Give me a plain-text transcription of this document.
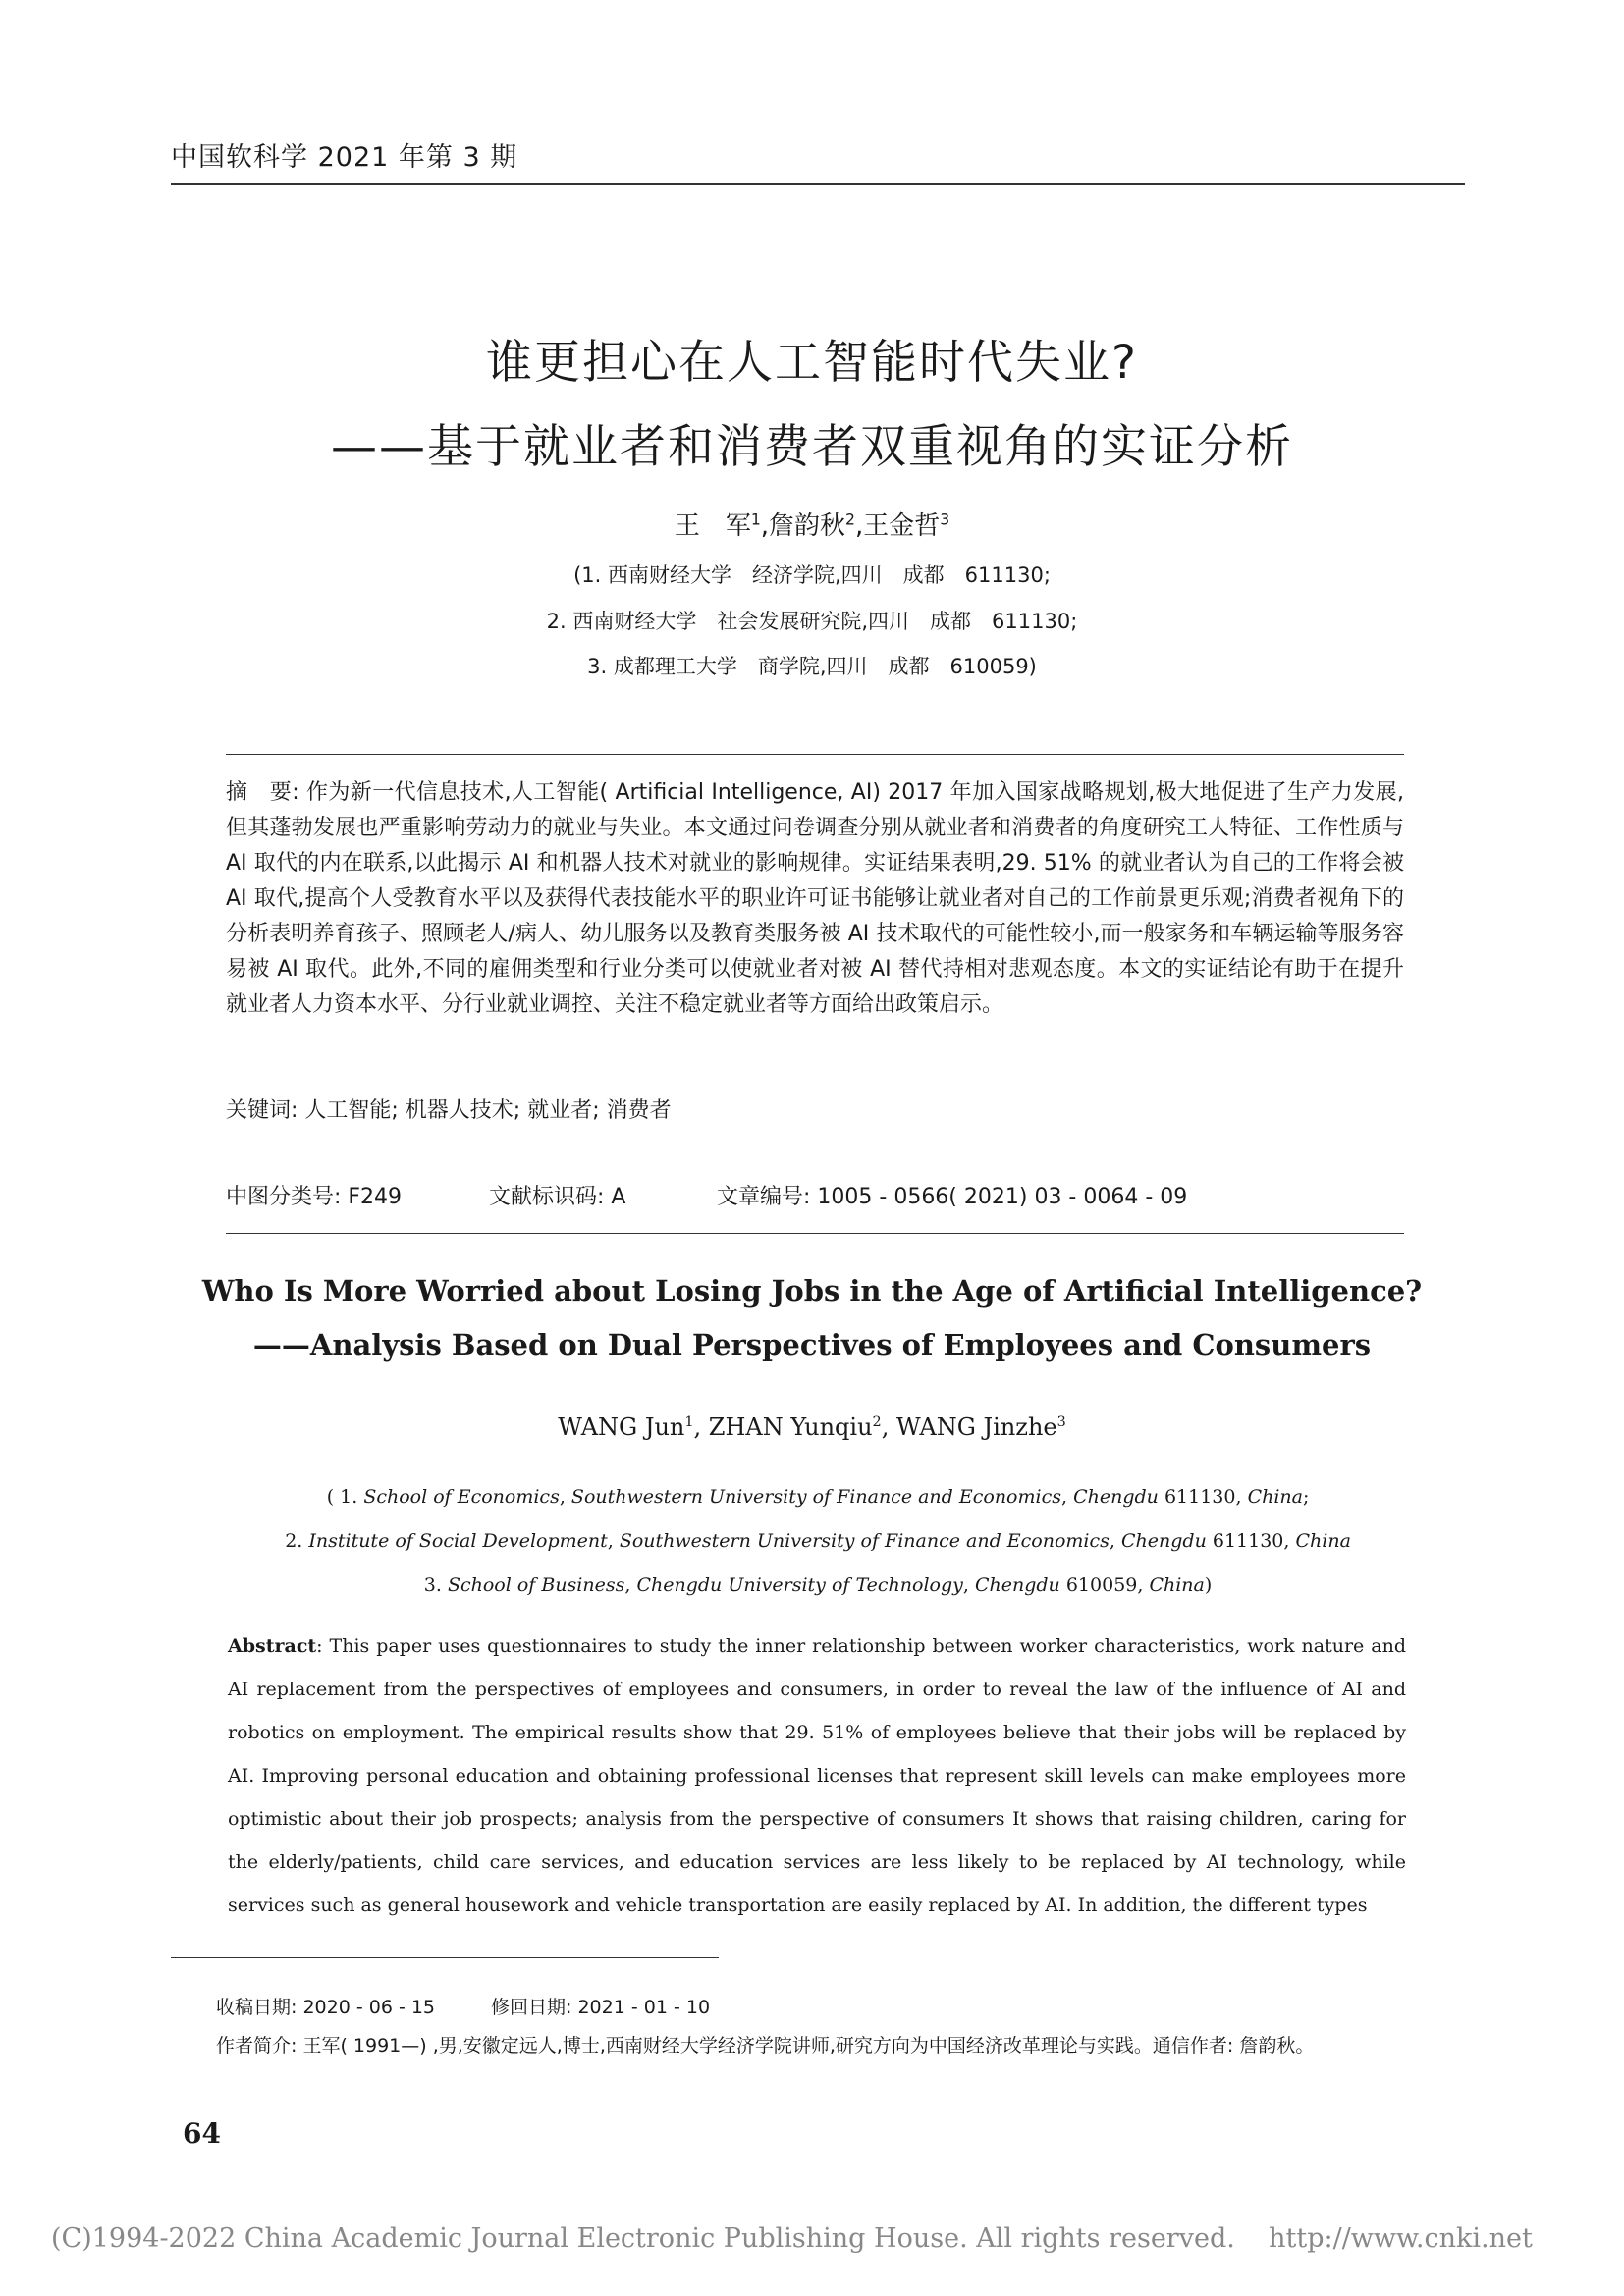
中国软科学 2021 年第 3 期
谁更担心在人工智能时代失业?
——基于就业者和消费者双重视角的实证分析
王　军$^1$,詹韵秋$^2$,王金哲$^3$
(1. 西南财经大学　经济学院,四川　成都　611130;
2. 西南财经大学　社会发展研究院,四川　成都　611130;
3. 成都理工大学　商学院,四川　成都　610059)
摘　要: 作为新一代信息技术,人工智能( Artificial Intelligence, AI) 2017 年加入国家战略规划,极大地促进了生产力发展,但其蓬勃发展也严重影响劳动力的就业与失业。本文通过问卷调查分别从就业者和消费者的角度研究工人特征、工作性质与 AI 取代的内在联系,以此揭示 AI 和机器人技术对就业的影响规律。实证结果表明,29. 51% 的就业者认为自己的工作将会被 AI 取代,提高个人受教育水平以及获得代表技能水平的职业许可证书能够让就业者对自己的工作前景更乐观;消费者视角下的分析表明养育孩子、照顾老人/病人、幼儿服务以及教育类服务被 AI 技术取代的可能性较小,而一般家务和车辆运输等服务容易被 AI 取代。此外,不同的雇佣类型和行业分类可以使就业者对被 AI 替代持相对悲观态度。本文的实证结论有助于在提升就业者人力资本水平、分行业就业调控、关注不稳定就业者等方面给出政策启示。
关键词: 人工智能; 机器人技术; 就业者; 消费者
中图分类号: F249	文献标识码: A	文章编号: 1005 - 0566( 2021) 03 - 0064 - 09
Who Is More Worried about Losing Jobs in the Age of Artificial Intelligence?
——Analysis Based on Dual Perspectives of Employees and Consumers
WANG Jun$^1$, ZHAN Yunqiu$^2$, WANG Jinzhe$^3$

( 1. School of Economics, Southwestern University of Finance and Economics, Chengdu 611130, China;

2. Institute of Social Development, Southwestern University of Finance and Economics, Chengdu 611130, China

3. School of Business, Chengdu University of Technology, Chengdu 610059, China)

Abstract: This paper uses questionnaires to study the inner relationship between worker characteristics, work nature and AI replacement from the perspectives of employees and consumers, in order to reveal the law of the influence of AI and robotics on employment. The empirical results show that 29. 51% of employees believe that their jobs will be replaced by AI. Improving personal education and obtaining professional licenses that represent skill levels can make employees more optimistic about their job prospects; analysis from the perspective of consumers It shows that raising children, caring for the elderly/patients, child care services, and education services are less likely to be replaced by AI technology, while services such as general housework and vehicle transportation are easily replaced by AI. In addition, the different types
收稿日期: 2020 - 06 - 15　　　修回日期: 2021 - 01 - 10
作者简介: 王军( 1991—) ,男,安徽定远人,博士,西南财经大学经济学院讲师,研究方向为中国经济改革理论与实践。通信作者: 詹韵秋。
64
(C)1994-2022 China Academic Journal Electronic Publishing House. All rights reserved.    http://www.cnki.net
